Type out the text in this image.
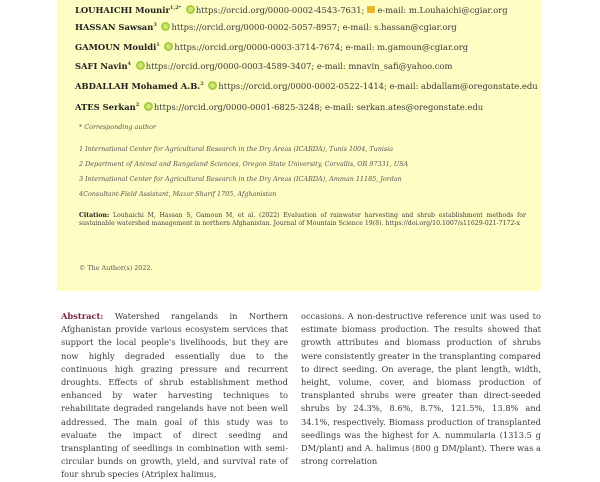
LOUHAICHI Mounir$^{1,2*}$ https://orcid.org/0000-0002-4543-7631; e-mail: m.Louhaichi@cgiar.org
HASSAN Sawsan$^3$ https://orcid.org/0000-0002-5057-8957; e-mail: s.hassan@cgiar.org
GAMOUN Mouldi$^1$ https://orcid.org/0000-0003-3714-7674; e-mail: m.gamoun@cgiar.org
SAFI Navin$^4$ https://orcid.org/0000-0003-4589-3407; e-mail: mnavin_safi@yahoo.com
ABDALLAH Mohamed A.B.$^2$ https://orcid.org/0000-0002-0522-1414; e-mail: abdallam@oregonstate.edu
ATES Serkan$^2$ https://orcid.org/0000-0001-6825-3248; e-mail: serkan.ates@oregonstate.edu
* Corresponding author
1 International Center for Agricultural Research in the Dry Areas (ICARDA), Tunis 1004, Tunisia
2 Department of Animal and Rangeland Sciences, Oregon State University, Corvallis, OR 97331, USA
3 International Center for Agricultural Research in the Dry Areas (ICARDA), Amman 11185, Jordan
4Consultant-Field Assistant, Mazar Sharif 1705, Afghanistan
Citation: Louhaichi M, Hassan S, Gamoun M, et al. (2022) Evaluation of rainwater harvesting and shrub establishment methods for sustainable watershed management in northern Afghanistan. Journal of Mountain Science 19(8). https://doi.org/10.1007/s11629-021-7172-x
© The Author(s) 2022.

Abstract: Watershed rangelands in Northern Afghanistan provide various ecosystem services that support the local people's livelihoods, but they are now highly degraded essentially due to the continuous high grazing pressure and recurrent droughts. Effects of shrub establishment method enhanced by water harvesting techniques to rehabilitate degraded rangelands have not been well addressed. The main goal of this study was to evaluate the impact of direct seeding and transplanting of seedlings in combination with semi-circular bunds on growth, yield, and survival rate of four shrub species (Atriplex halimus,

occasions. A non-destructive reference unit was used to estimate biomass production. The results showed that growth attributes and biomass production of shrubs were consistently greater in the transplanting compared to direct seeding. On average, the plant length, width, height, volume, cover, and biomass production of transplanted shrubs were greater than direct-seeded shrubs by 24.3%, 8.6%, 8.7%, 121.5%, 13.8% and 34.1%, respectively. Biomass production of transplanted seedlings was the highest for A. nummularia (1313.5 g DM/plant) and A. halimus (800 g DM/plant). There was a strong correlation
